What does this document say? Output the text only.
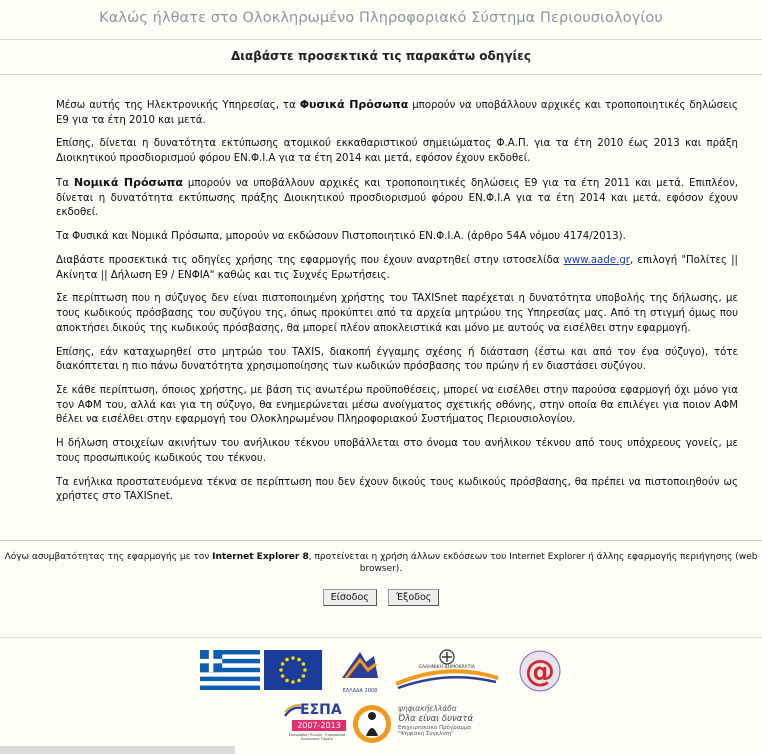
Καλώς ήλθατε στο Ολοκληρωμένο Πληροφοριακό Σύστημα Περιουσιολογίου
Διαβάστε προσεκτικά τις παρακάτω οδηγίες

Μέσω αυτής της Ηλεκτρονικής Υπηρεσίας, τα Φυσικά Πρόσωπα μπορούν να υποβάλλουν αρχικές και τροποποιητικές δηλώσεις Ε9 για τα έτη 2010 και μετά.

Επίσης, δίνεται η δυνατότητα εκτύπωσης ατομικού εκκαθαριστικού σημειώματος Φ.Α.Π. για τα έτη 2010 έως 2013 και πράξη Διοικητικού προσδιορισμού φόρου ΕΝ.Φ.Ι.Α για τα έτη 2014 και μετά, εφόσον έχουν εκδοθεί.

Τα Νομικά Πρόσωπα μπορούν να υποβάλλουν αρχικές και τροποποιητικές δηλώσεις Ε9 για τα έτη 2011 και μετά. Επιπλέον, δίνεται η δυνατότητα εκτύπωσης πράξης Διοικητικού προσδιορισμού φόρου ΕΝ.Φ.Ι.Α για τα έτη 2014 και μετά, εφόσον έχουν εκδοθεί.

Τα Φυσικά και Νομικά Πρόσωπα, μπορούν να εκδώσουν Πιστοποιητικό ΕΝ.Φ.Ι.Α. (άρθρο 54Α νόμου 4174/2013).

Διαβάστε προσεκτικά τις οδηγίες χρήσης της εφαρμογής που έχουν αναρτηθεί στην ιστοσελίδα www.aade.gr, επιλογή "Πολίτες || Ακίνητα || Δήλωση Ε9 / ΕΝΦΙΑ" καθώς και τις Συχνές Ερωτήσεις.

Σε περίπτωση που η σύζυγος δεν είναι πιστοποιημένη χρήστης του TAXISnet παρέχεται η δυνατότητα υποβολής της δήλωσης, με τους κωδικούς πρόσβασης του συζύγου της, όπως προκύπτει από τα αρχεία μητρώου της Υπηρεσίας μας. Από τη στιγμή όμως που αποκτήσει δικούς της κωδικούς πρόσβασης, θα μπορεί πλέον αποκλειστικά και μόνο με αυτούς να εισέλθει στην εφαρμογή.

Επίσης, εάν καταχωρηθεί στο μητρώο του TAXIS, διακοπή έγγαμης σχέσης ή διάσταση (έστω και από τον ένα σύζυγο), τότε διακόπτεται η πιο πάνω δυνατότητα χρησιμοποίησης των κωδικών πρόσβασης του πρώην ή εν διαστάσει συζύγου.

Σε κάθε περίπτωση, όποιος χρήστης, με βάση τις ανωτέρω προϋποθέσεις, μπορεί να εισέλθει στην παρούσα εφαρμογή όχι μόνο για τον ΑΦΜ του, αλλά και για τη σύζυγο, θα ενημερώνεται μέσω ανοίγματος σχετικής οθόνης, στην οποία θα επιλέγει για ποιον ΑΦΜ θέλει να εισέλθει στην εφαρμογή του Ολοκληρωμένου Πληροφοριακού Συστήματος Περιουσιολογίου.

Η δήλωση στοιχείων ακινήτων του ανήλικου τέκνου υποβάλλεται στο όνομα του ανήλικου τέκνου από τους υπόχρεους γονείς, με τους προσωπικούς κωδικούς του τέκνου.

Τα ενήλικα προστατευόμενα τέκνα σε περίπτωση που δεν έχουν δικούς τους κωδικούς πρόσβασης, θα πρέπει να πιστοποιηθούν ως χρήστες στο TAXISnet.

Λόγω ασυμβατότητας της εφαρμογής με τον Internet Explorer 8, προτείνεται η χρήση άλλων εκδόσεων του Internet Explorer ή άλλης εφαρμογής περιήγησης (web browser).
Είσοδος	Έξοδος
ΕΛΛΑΔΑ 2008
ΕΛΛΗΝΙΚΗ ΔΗΜΟΚΡΑΤΙΑ	@
ΕΣΠΑ
2007-2013
Ευρωπαϊκή Ένωση · Ευρωπαϊκό Κοινωνικό Ταμείο
ψηφιακήελλάδα
Όλα είναι δυνατά
Επιχειρησιακό Πρόγραμμα
"Ψηφιακή Σύγκλιση"
